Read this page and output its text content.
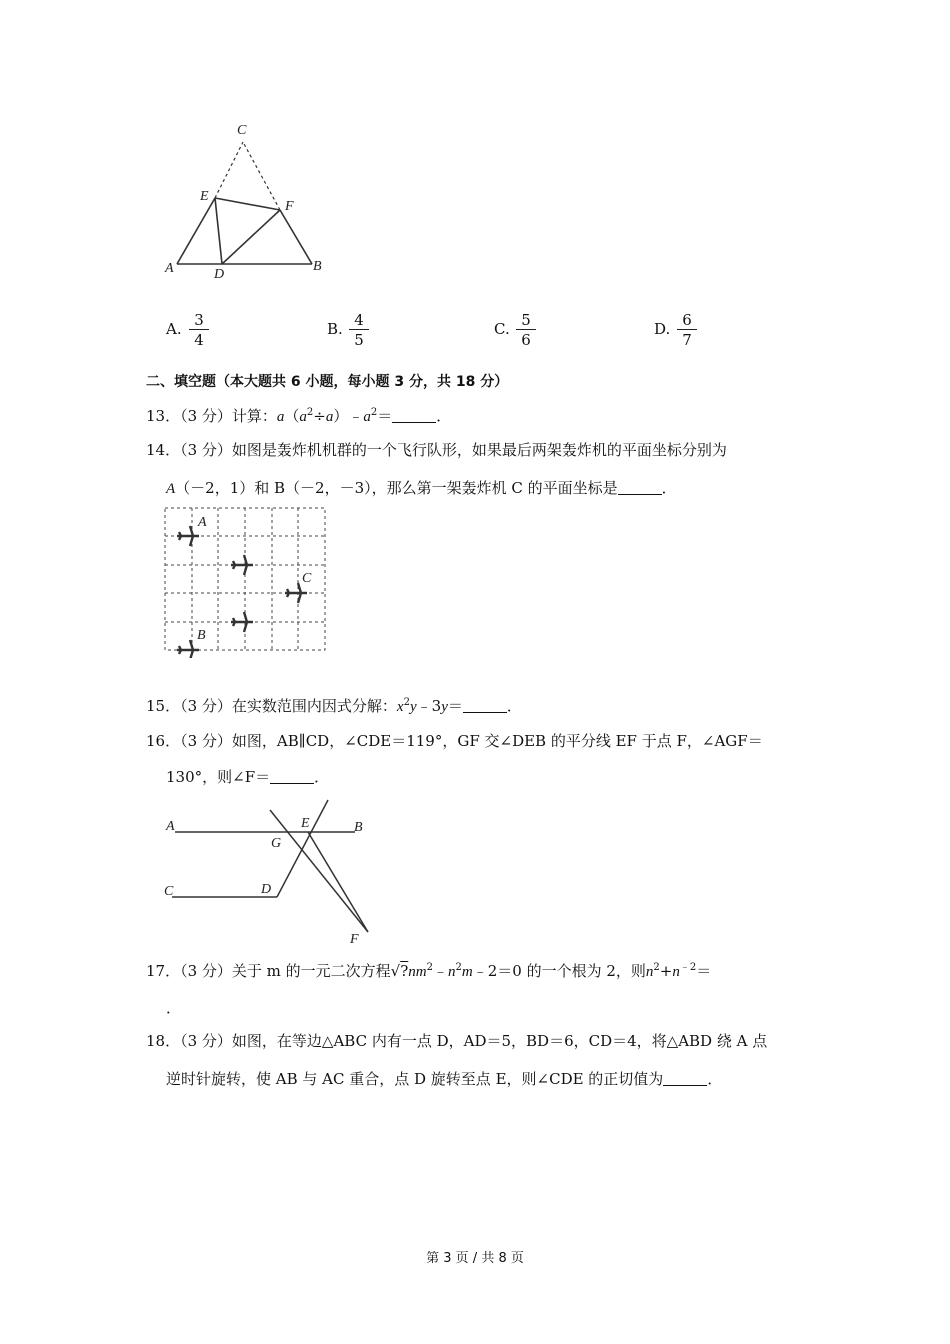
C
E
F
A	D
B
A. $\frac{3}{4}$	B. $\frac{4}{5}$	C. $\frac{5}{6}$	D. $\frac{6}{7}$
二、填空题（本大题共 6 小题，每小题 3 分，共 18 分）
13．（3 分）计算：$a(a^2\div a)﹣a^2=$	．
14．（3 分）如图是轰炸机机群的一个飞行队形，如果最后两架轰炸机的平面坐标分别为
A（－2，1）和 B（－2，－3），那么第一架轰炸机 C 的平面坐标是	．
A
C
B
15．（3 分）在实数范围内因式分解：$x^2y﹣3y=$	．
16．（3 分）如图，AB∥CD，∠CDE＝119°，GF 交∠DEB 的平分线 EF 于点 F，∠AGF＝
130°，则∠F＝	．
A	E	B
G
C	D
F
17．（3 分）关于 m 的一元二次方程$√?nm^2﹣n^2m﹣2=0$ 的一个根为 2，则$n^2+n^{﹣2}=$
．
18．（3 分）如图，在等边△ABC 内有一点 D，AD＝5，BD＝6，CD＝4，将△ABD 绕 A 点
逆时针旋转，使 AB 与 AC 重合，点 D 旋转至点 E，则∠CDE 的正切值为	．
第 3 页 / 共 8 页
